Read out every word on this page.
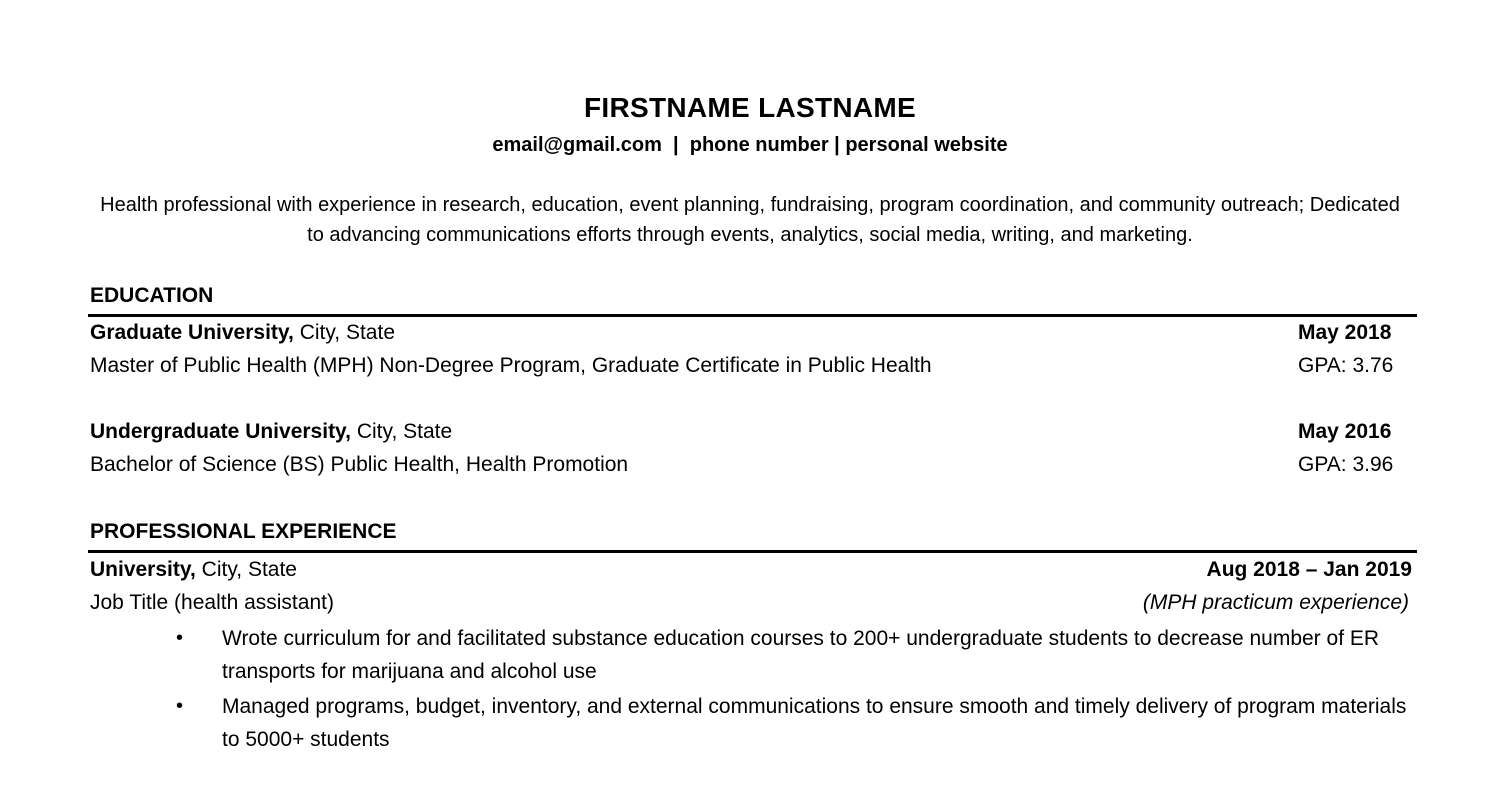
FIRSTNAME LASTNAME
email@gmail.com  |  phone number | personal website
Health professional with experience in research, education, event planning, fundraising, program coordination, and community outreach; Dedicated to advancing communications efforts through events, analytics, social media, writing, and marketing.
EDUCATION
Graduate University, City, State	May 2018
Master of Public Health (MPH) Non-Degree Program, Graduate Certificate in Public Health	GPA: 3.76
Undergraduate University, City, State	May 2016
Bachelor of Science (BS) Public Health, Health Promotion	GPA: 3.96
PROFESSIONAL EXPERIENCE
University, City, State	Aug 2018 – Jan 2019
Job Title (health assistant)	(MPH practicum experience)
• Wrote curriculum for and facilitated substance education courses to 200+ undergraduate students to decrease number of ER transports for marijuana and alcohol use
• Managed programs, budget, inventory, and external communications to ensure smooth and timely delivery of program materials to 5000+ students
